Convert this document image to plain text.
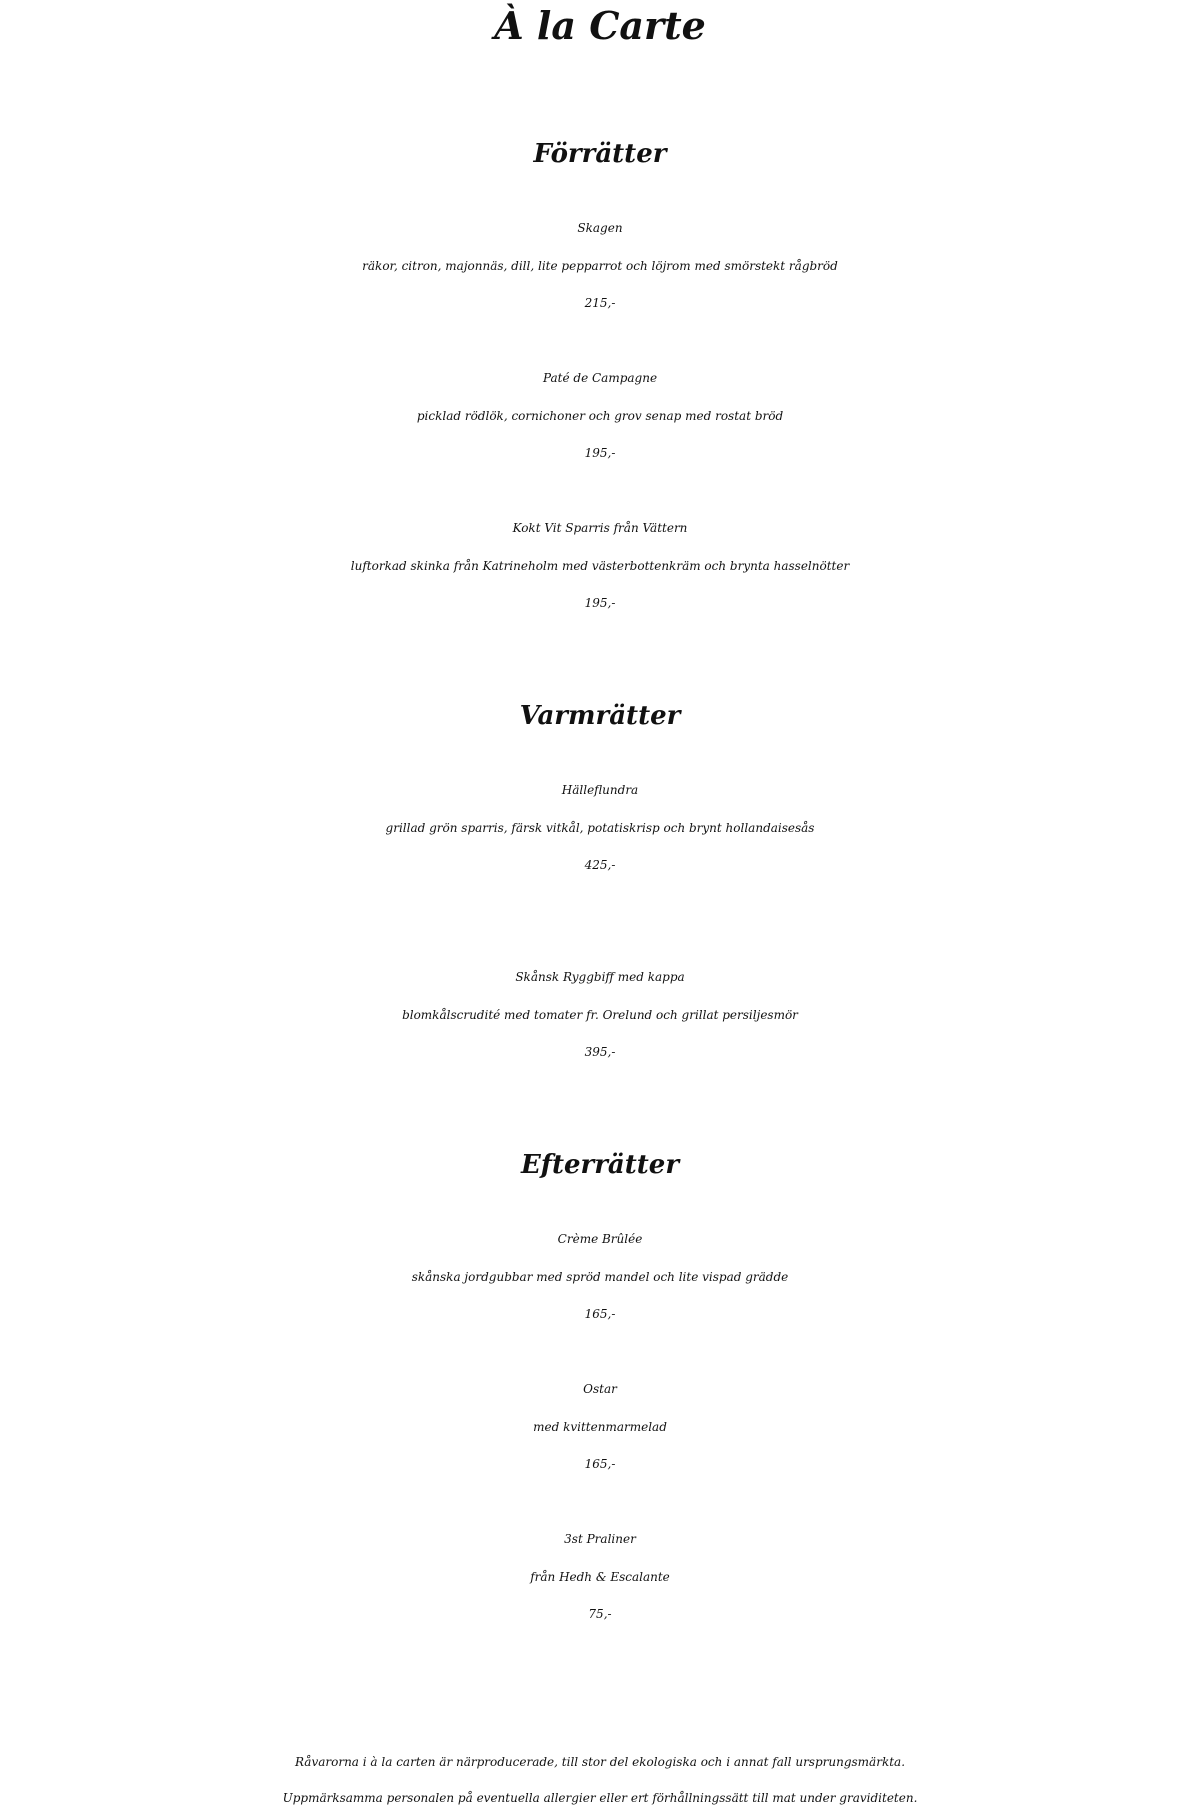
À la Carte
Förrätter
Skagen
räkor, citron, majonnäs, dill, lite pepparrot och löjrom med smörstekt rågbröd
215,-
Paté de Campagne
picklad rödlök, cornichoner och grov senap med rostat bröd
195,-
Kokt Vit Sparris från Vättern
luftorkad skinka från Katrineholm med västerbottenkräm och brynta hasselnötter
195,-
Varmrätter
Hälleflundra
grillad grön sparris, färsk vitkål, potatiskrisp och brynt hollandaisesås
425,-
Skånsk Ryggbiff med kappa
blomkålscrudité med tomater fr. Orelund och grillat persiljesmör
395,-
Efterrätter
Crème Brûlée
skånska jordgubbar med spröd mandel och lite vispad grädde
165,-
Ostar
med kvittenmarmelad
165,-
3st Praliner
från Hedh & Escalante
75,-
Råvarorna i à la carten är närproducerade, till stor del ekologiska och i annat fall ursprungsmärkta.
Uppmärksamma personalen på eventuella allergier eller ert förhållningssätt till mat under graviditeten.
